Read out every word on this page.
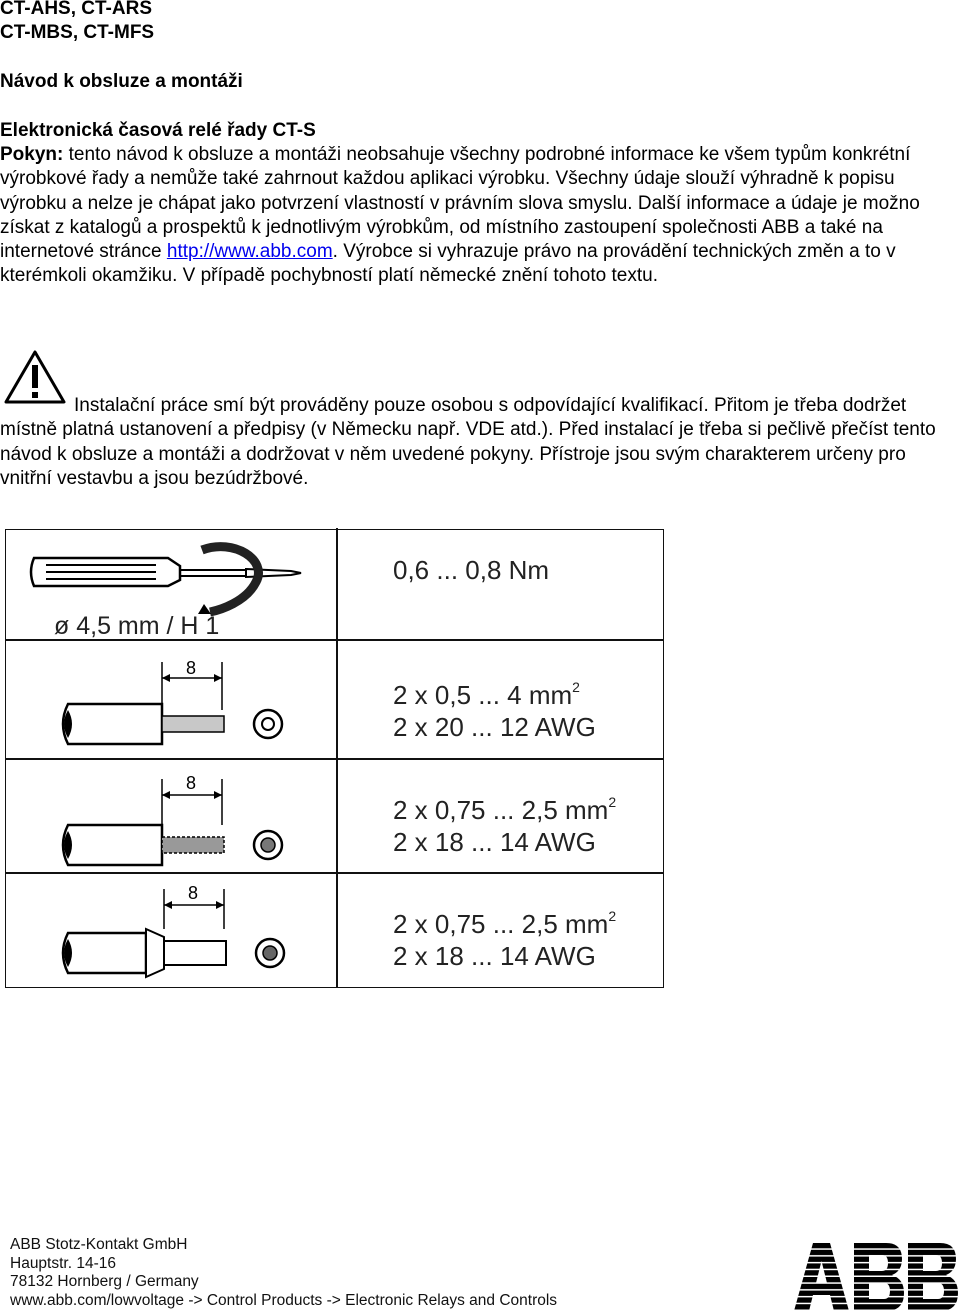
CT-AHS, CT-ARS
CT-MBS, CT-MFS
Návod k obsluze a montáži
Elektronická časová relé řady CT-S
Pokyn: tento návod k obsluze a montáži neobsahuje všechny podrobné informace ke všem typům konkrétní výrobkové řady a nemůže také zahrnout každou aplikaci výrobku. Všechny údaje slouží výhradně k popisu výrobku a nelze je chápat jako potvrzení vlastností v právním slova smyslu. Další informace a údaje je možno získat z katalogů a prospektů k jednotlivým výrobkům, od místního zastoupení společnosti ABB a také na internetové stránce http://www.abb.com. Výrobce si vyhrazuje právo na provádění technických změn a to v kterémkoli okamžiku. V případě pochybností platí německé znění tohoto textu.
Instalační práce smí být prováděny pouze osobou s odpovídající kvalifikací. Přitom je třeba dodržet místně platná ustanovení a předpisy (v Německu např. VDE atd.). Před instalací je třeba si pečlivě přečíst tento návod k obsluze a montáži a dodržovat v něm uvedené pokyny. Přístroje jsou svým charakterem určeny pro vnitřní vestavbu a jsou bezúdržbové.
ø 4,5 mm / H 1
0,6 ... 0,8 Nm
8
2 x 0,5 ... 4 $mm^2$
2 x 20 ... 12 AWG
8
2 x 0,75 ... 2,5 $mm^2$
2 x 18 ... 14 AWG
8
2 x 0,75 ... 2,5 $mm^2$
2 x 18 ... 14 AWG
ABB Stotz-Kontakt GmbH
Hauptstr. 14-16
78132 Hornberg / Germany
www.abb.com/lowvoltage -> Control Products -> Electronic Relays and Controls
